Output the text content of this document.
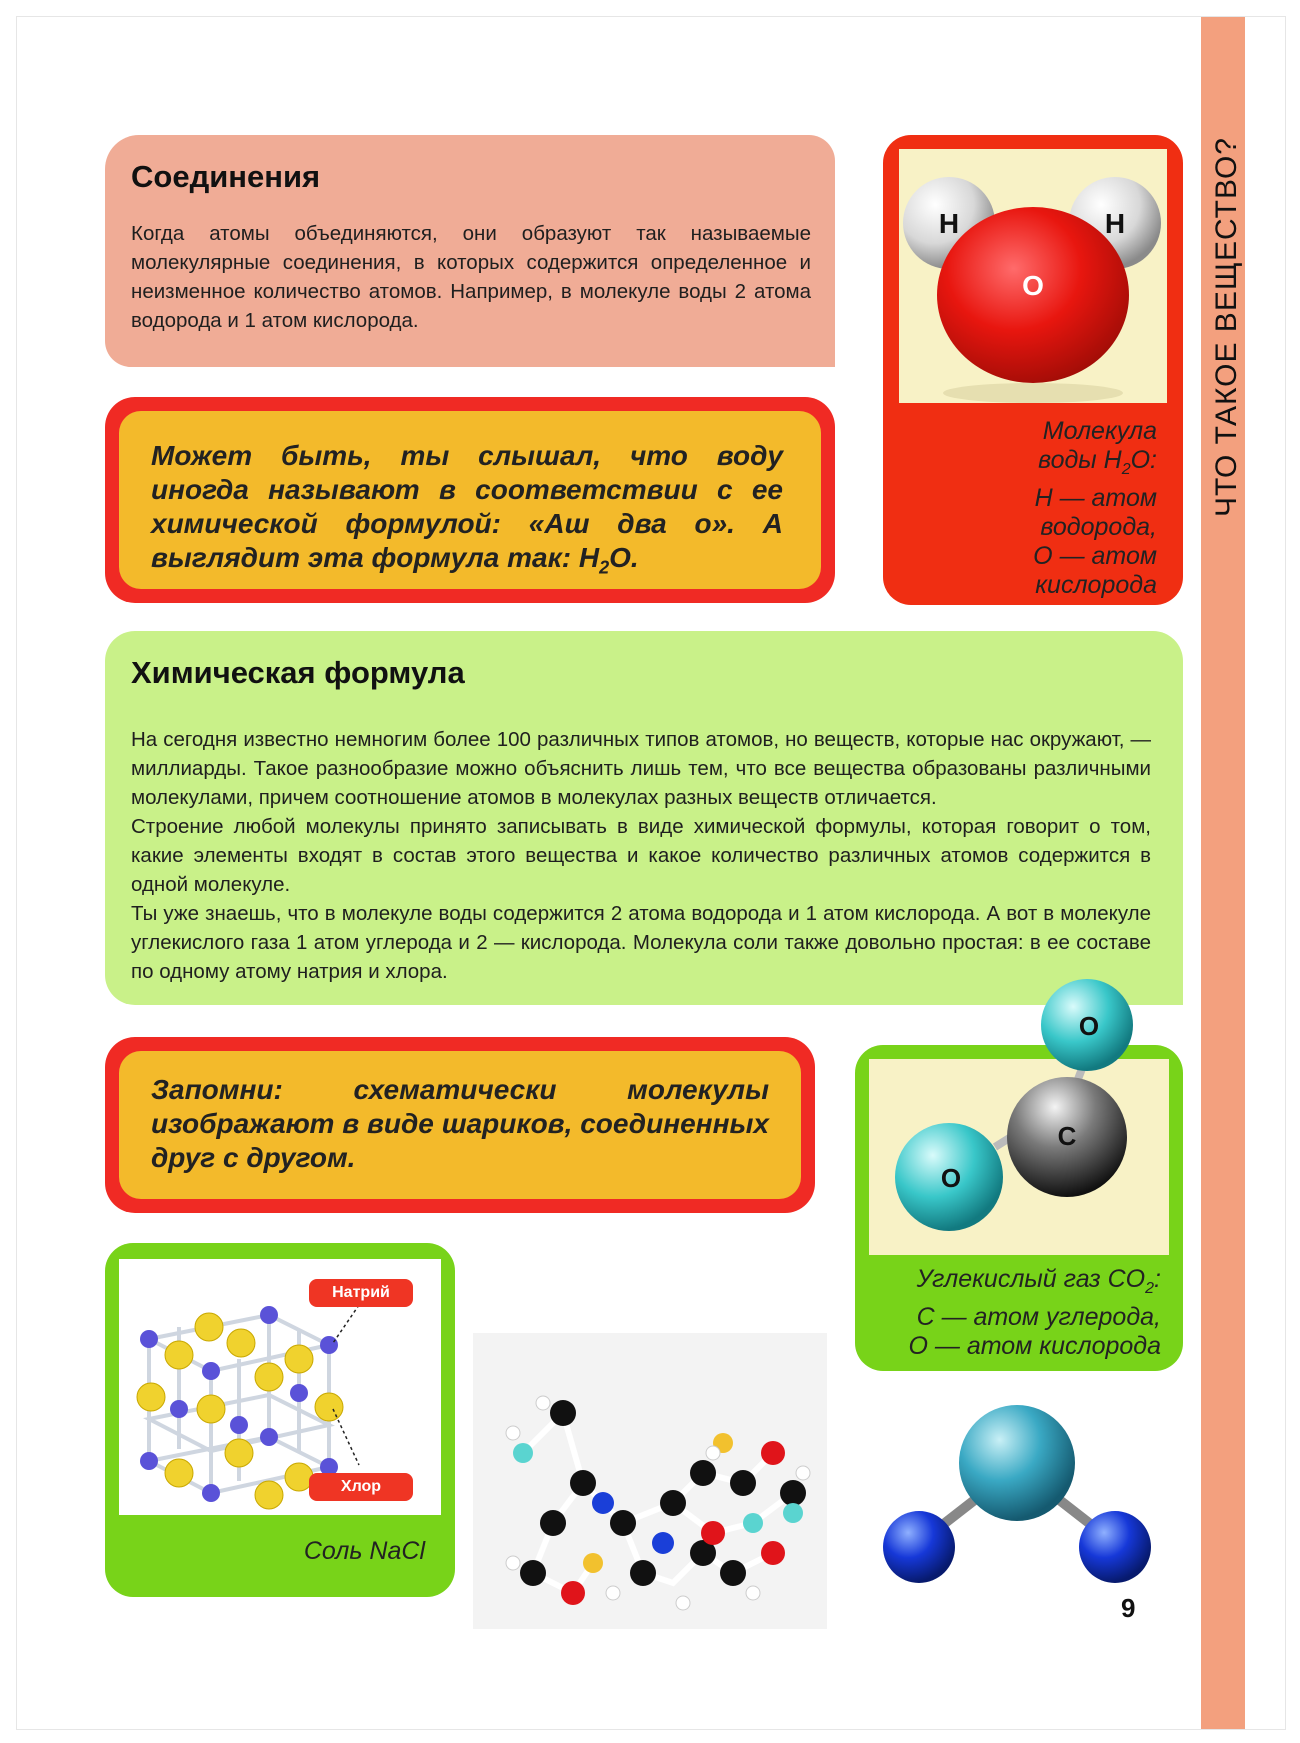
ЧТО ТАКОЕ ВЕЩЕСТВО?
Соединения
Когда атомы объединяются, они образуют так называемые молекулярные соединения, в которых содержится определенное и неизменное количество атомов. Например, в молекуле воды 2 атома водорода и 1 атом кислорода.
Может быть, ты слышал, что воду иногда называют в соответствии с ее химической формулой: «Аш два о». А выглядит эта формула так: $H_2O$.
H	H
O
Молекула
воды $H_2O$:
H — атом
водорода,
O — атом
кислорода
Химическая формула
На сегодня известно немногим более 100 различных типов атомов, но веществ, которые нас окружают, — миллиарды. Такое разнообразие можно объяснить лишь тем, что все вещества образованы различными молекулами, причем соотношение атомов в молекулах разных веществ отличается.
Строение любой молекулы принято записывать в виде химической формулы, которая говорит о том, какие элементы входят в состав этого вещества и какое количество различных атомов содержится в одной молекуле.
Ты уже знаешь, что в молекуле воды содержится 2 атома водорода и 1 атом кислорода. А вот в молекуле углекислого газа 1 атом углерода и 2 — кислорода. Молекула соли также довольно простая: в ее составе по одному атому натрия и хлора.
Запомни: схематически молекулы изображают в виде шариков, соединенных друг с другом.
Углекислый газ $CO_2$:
C — атом углерода,
O — атом кислорода
O
C
O
Натрий
Хлор
Соль NaCl
9
